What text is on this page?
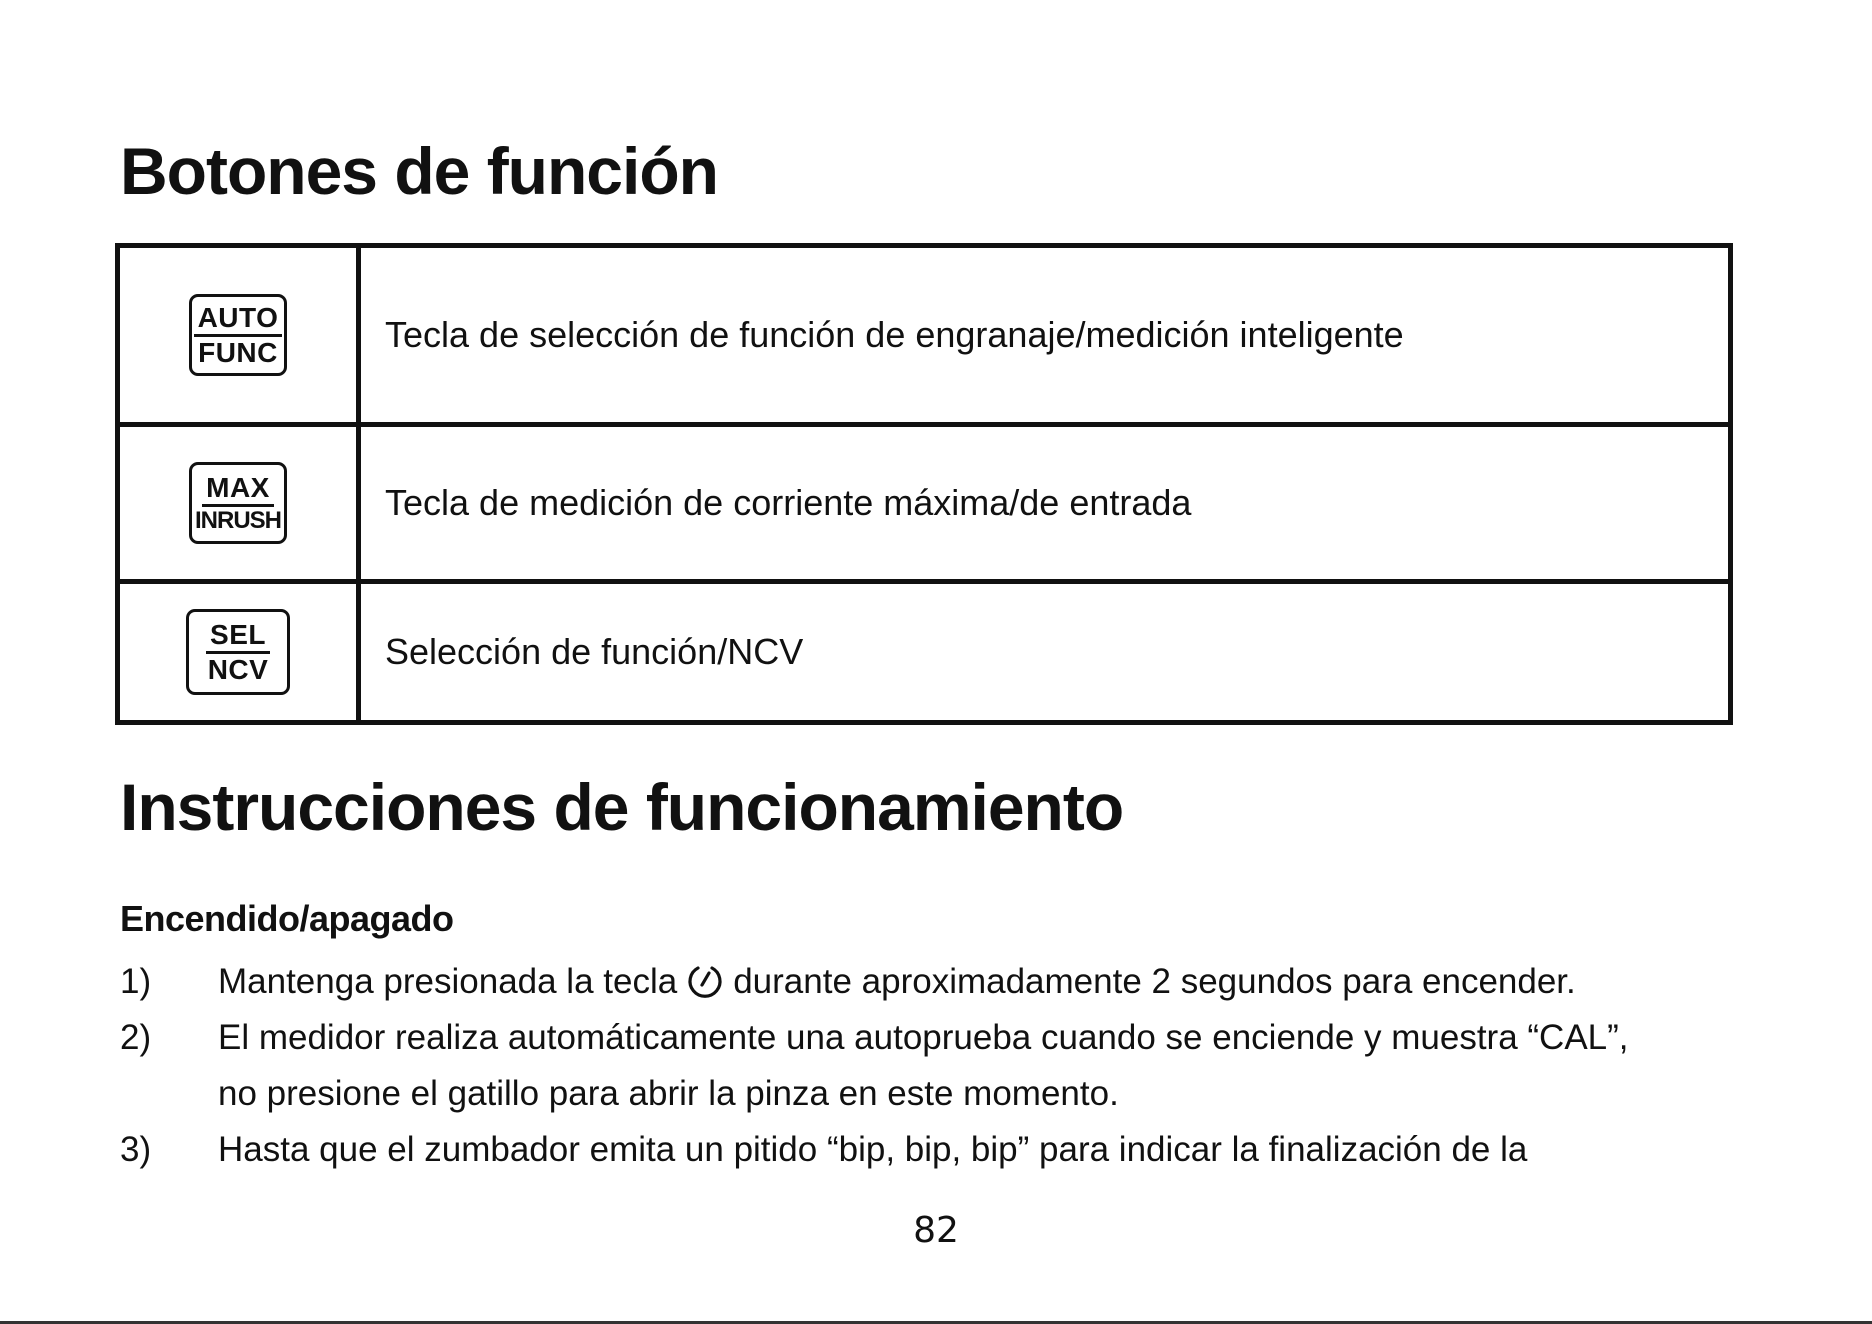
Botones de función
AUTO
FUNC	Tecla de selección de función de engranaje/medición inteligente
MAX
INRUSH	Tecla de medición de corriente máxima/de entrada
SEL
NCV	Selección de función/NCV
Instrucciones de funcionamiento
Encendido/apagado
1) Mantenga presionada la tecla durante aproximadamente 2 segundos para encender.
2) El medidor realiza automáticamente una autoprueba cuando se enciende y muestra “CAL”,
no presione el gatillo para abrir la pinza en este momento.
3) Hasta que el zumbador emita un pitido “bip, bip, bip” para indicar la finalización de la
82
